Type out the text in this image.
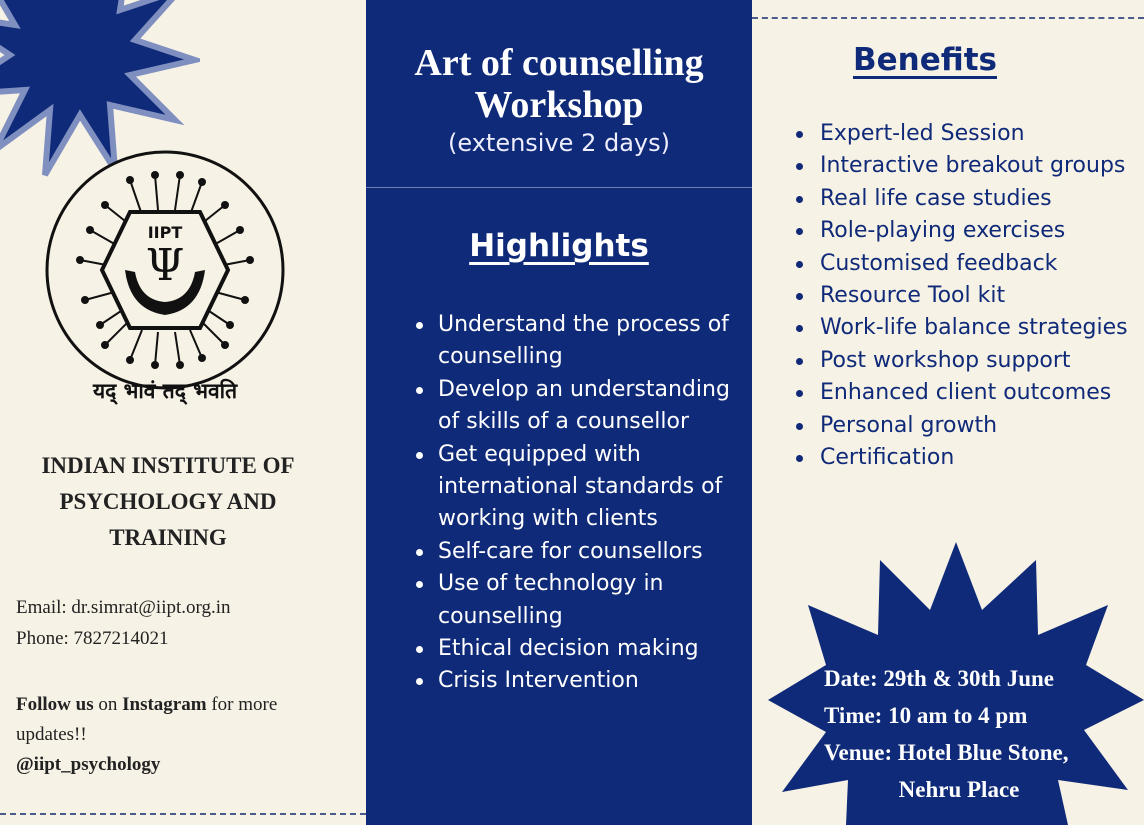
IIPT
Ψ
यद् भावं तद् भवति
INDIAN INSTITUTE OF
PSYCHOLOGY AND
TRAINING
Email: dr.simrat@iipt.org.in
Phone: 7827214021
Follow us on Instagram for more updates!!
@iipt_psychology
Art of counselling
Workshop
(extensive 2 days)
Highlights
Understand the process of counselling
Develop an understanding of skills of a counsellor
Get equipped with international standards of working with clients
Self-care for counsellors
Use of technology in counselling
Ethical decision making
Crisis Intervention
Benefits
Expert-led Session
Interactive breakout groups
Real life case studies
Role-playing exercises
Customised feedback
Resource Tool kit
Work-life balance strategies
Post workshop support
Enhanced client outcomes
Personal growth
Certification
Date: 29th & 30th June
Time: 10 am to 4 pm
Venue: Hotel Blue Stone,
Nehru Place
